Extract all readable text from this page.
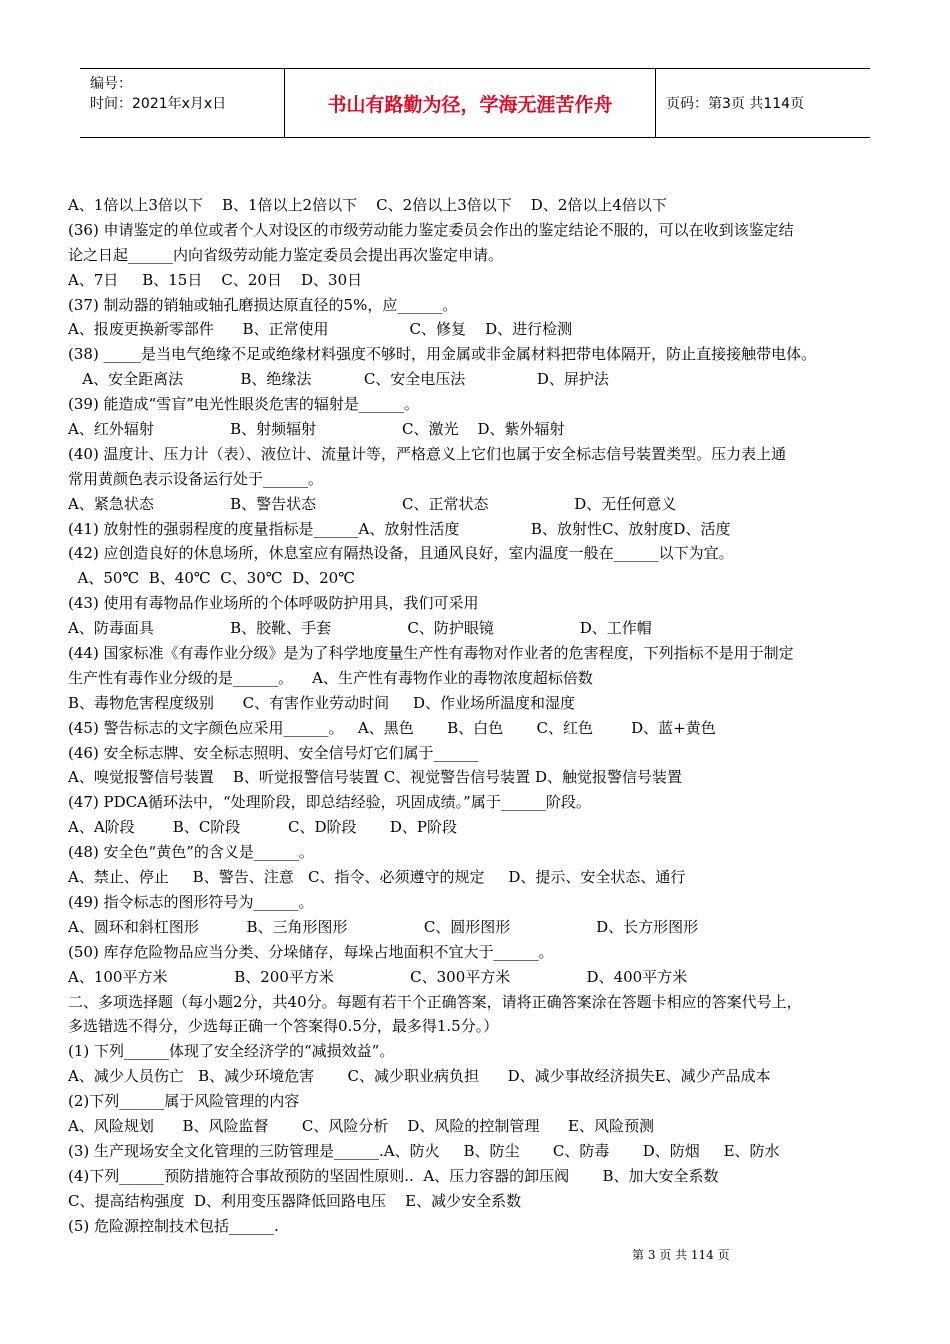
编号：
时间：2021年x月x日	书山有路勤为径，学海无涯苦作舟	页码：第3页 共114页
A、1倍以上3倍以下    B、1倍以上2倍以下    C、2倍以上3倍以下    D、2倍以上4倍以下
(36) 申请鉴定的单位或者个人对设区的市级劳动能力鉴定委员会作出的鉴定结论不服的，可以在收到该鉴定结
论之日起______内向省级劳动能力鉴定委员会提出再次鉴定申请。
A、7日     B、15日    C、20日    D、30日
(37) 制动器的销轴或轴孔磨损达原直径的5%，应______。
A、报废更换新零部件      B、正常使用                 C、修复    D、进行检测
(38) _____是当电气绝缘不足或绝缘材料强度不够时，用金属或非金属材料把带电体隔开，防止直接接触带电体。
A、安全距离法            B、绝缘法           C、安全电压法               D、屏护法
(39) 能造成“雪盲”电光性眼炎危害的辐射是______。
A、红外辐射                B、射频辐射                  C、激光    D、紫外辐射
(40) 温度计、压力计（表）、液位计、流量计等，严格意义上它们也属于安全标志信号装置类型。压力表上通
常用黄颜色表示设备运行处于______。
A、紧急状态                B、警告状态                  C、正常状态                  D、无任何意义
(41) 放射性的强弱程度的度量指标是______A、放射性活度               B、放射性C、放射度D、活度
(42) 应创造良好的休息场所，休息室应有隔热设备，且通风良好，室内温度一般在______以下为宜。
A、50℃  B、40℃  C、30℃  D、20℃
(43) 使用有毒物品作业场所的个体呼吸防护用具，我们可采用
A、防毒面具                B、胶靴、手套                C、防护眼镜                  D、工作帽
(44) 国家标准《有毒作业分级》是为了科学地度量生产性有毒物对作业者的危害程度，下列指标不是用于制定
生产性有毒作业分级的是______。    A、生产性有毒物作业的毒物浓度超标倍数
B、毒物危害程度级别      C、有害作业劳动时间     D、作业场所温度和湿度
(45) 警告标志的文字颜色应采用______。   A、黑色       B、白色       C、红色        D、蓝+黄色
(46) 安全标志牌、安全标志照明、安全信号灯它们属于______
A、嗅觉报警信号装置    B、听觉报警信号装置 C、视觉警告信号装置 D、触觉报警信号装置
(47) PDCA循环法中，“处理阶段，即总结经验，巩固成绩。”属于______阶段。
A、A阶段        B、C阶段          C、D阶段       D、P阶段
(48) 安全色“黄色”的含义是______。
A、禁止、停止     B、警告、注意   C、指令、必须遵守的规定     D、提示、安全状态、通行
(49) 指令标志的图形符号为______。
A、圆环和斜杠图形          B、三角形图形                C、圆形图形                  D、长方形图形
(50) 库存危险物品应当分类、分垛储存，每垛占地面积不宜大于______。
A、100平方米              B、200平方米                C、300平方米                D、400平方米
二、多项选择题（每小题2分，共40分。每题有若干个正确答案，请将正确答案涂在答题卡相应的答案代号上，
多选错选不得分，少选每正确一个答案得0.5分，最多得1.5分。）
(1) 下列______体现了安全经济学的“减损效益”。
A、减少人员伤亡   B、减少环境危害       C、减少职业病负担      D、减少事故经济损失E、减少产品成本
(2)下列______属于风险管理的内容
A、风险规划      B、风险监督       C、风险分析    D、风险的控制管理      E、风险预测
(3) 生产现场安全文化管理的三防管理是______.A、防火     B、防尘       C、防毒       D、防烟     E、防水
(4)下列______预防措施符合事故预防的坚固性原则..  A、压力容器的卸压阀       B、加大安全系数
C、提高结构强度  D、利用变压器降低回路电压    E、减少安全系数
(5) 危险源控制技术包括______.
第 3 页 共 114 页
